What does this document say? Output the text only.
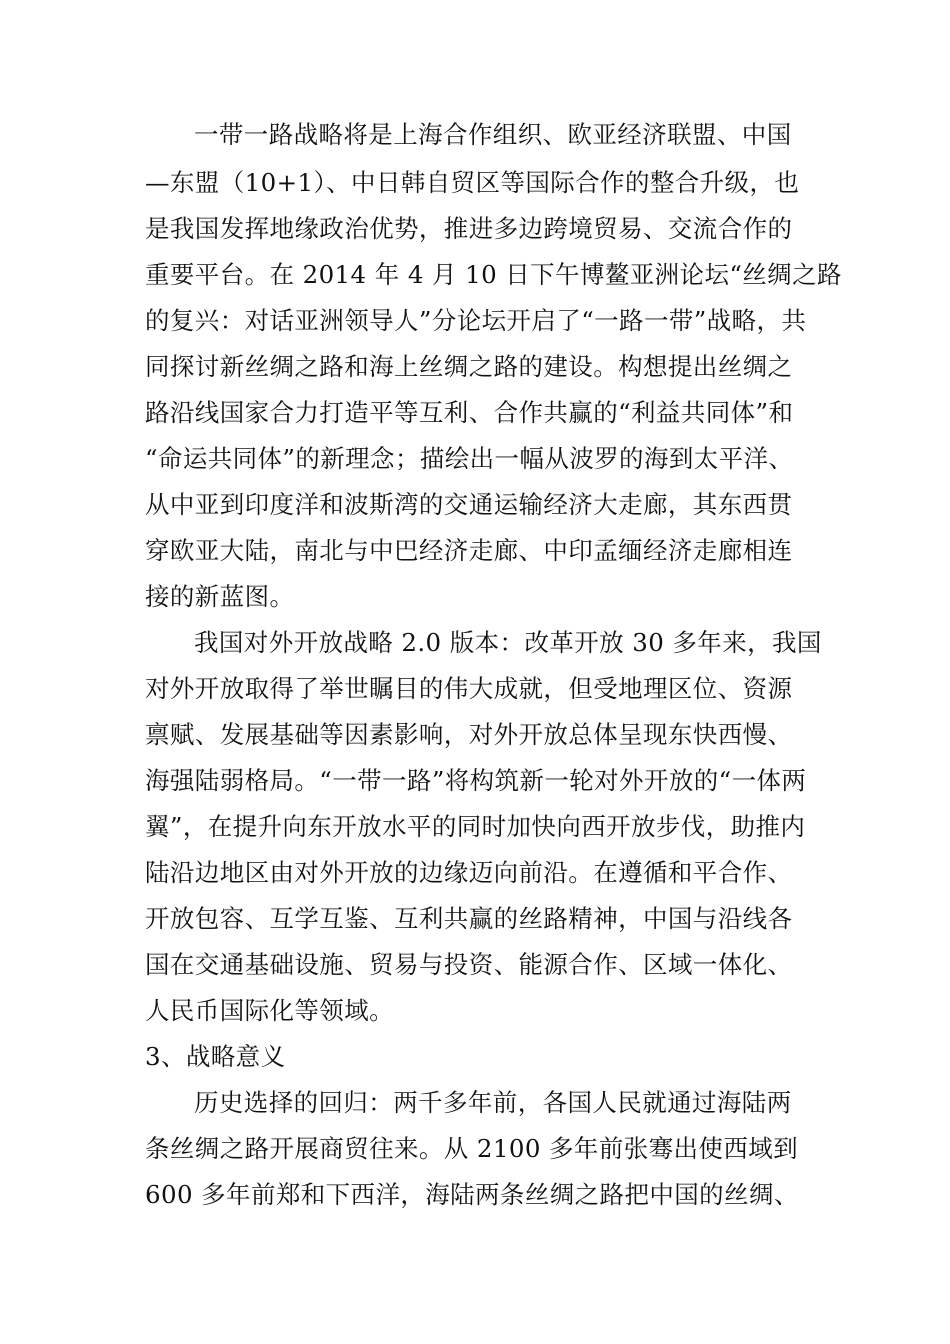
一带一路战略将是上海合作组织、欧亚经济联盟、中国
—东盟（10+1）、中日韩自贸区等国际合作的整合升级，也
是我国发挥地缘政治优势，推进多边跨境贸易、交流合作的
重要平台。在 2014 年 4 月 10 日下午博鳌亚洲论坛“丝绸之路
的复兴：对话亚洲领导人”分论坛开启了“一路一带”战略，共
同探讨新丝绸之路和海上丝绸之路的建设。构想提出丝绸之
路沿线国家合力打造平等互利、合作共赢的“利益共同体”和
“命运共同体”的新理念；描绘出一幅从波罗的海到太平洋、
从中亚到印度洋和波斯湾的交通运输经济大走廊，其东西贯
穿欧亚大陆，南北与中巴经济走廊、中印孟缅经济走廊相连
接的新蓝图。
我国对外开放战略 2.0 版本：改革开放 30 多年来，我国
对外开放取得了举世瞩目的伟大成就，但受地理区位、资源
禀赋、发展基础等因素影响，对外开放总体呈现东快西慢、
海强陆弱格局。“一带一路”将构筑新一轮对外开放的“一体两
翼”，在提升向东开放水平的同时加快向西开放步伐，助推内
陆沿边地区由对外开放的边缘迈向前沿。在遵循和平合作、
开放包容、互学互鉴、互利共赢的丝路精神，中国与沿线各
国在交通基础设施、贸易与投资、能源合作、区域一体化、
人民币国际化等领域。
3、战略意义
历史选择的回归：两千多年前，各国人民就通过海陆两
条丝绸之路开展商贸往来。从 2100 多年前张骞出使西域到
600 多年前郑和下西洋，海陆两条丝绸之路把中国的丝绸、
